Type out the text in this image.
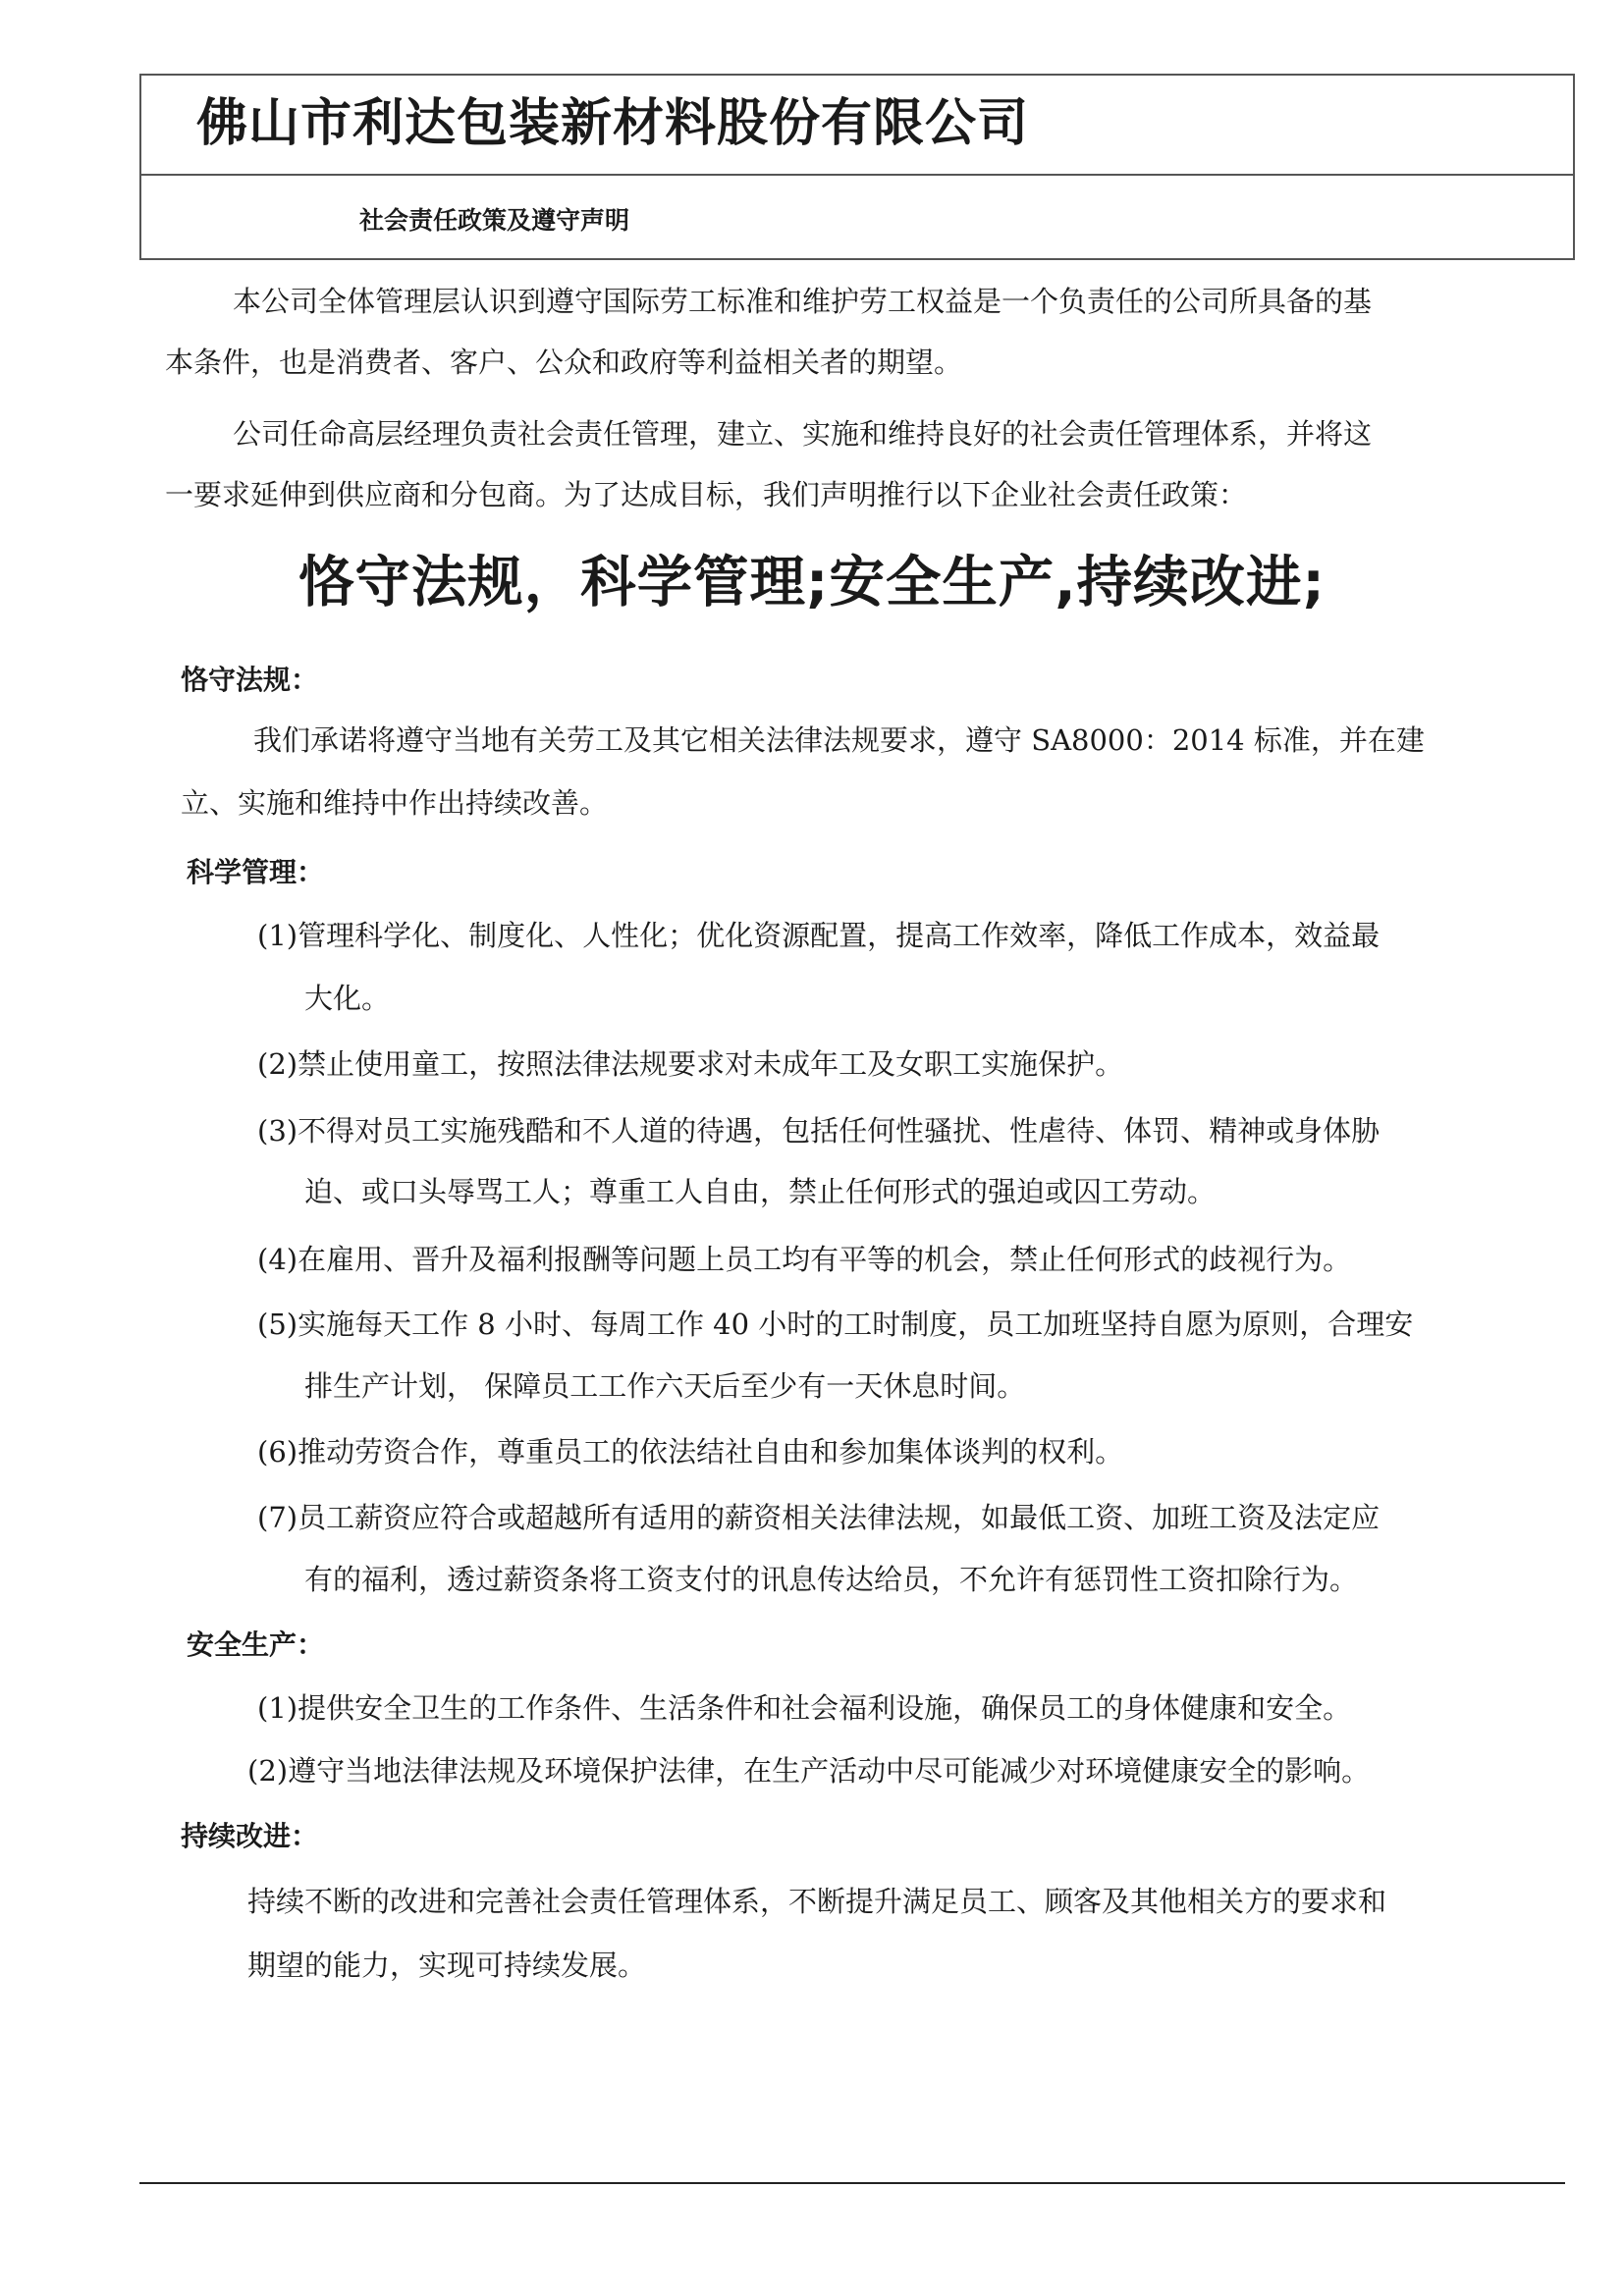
佛山市利达包装新材料股份有限公司
社会责任政策及遵守声明

本公司全体管理层认识到遵守国际劳工标准和维护劳工权益是一个负责任的公司所具备的基

本条件，也是消费者、客户、公众和政府等利益相关者的期望。

公司任命高层经理负责社会责任管理，建立、实施和维持良好的社会责任管理体系，并将这

一要求延伸到供应商和分包商。为了达成目标，我们声明推行以下企业社会责任政策：

恪守法规，科学管理;安全生产,持续改进;
恪守法规：

我们承诺将遵守当地有关劳工及其它相关法律法规要求，遵守 SA8000：2014 标准，并在建

立、实施和维持中作出持续改善。

科学管理：

(1)管理科学化、制度化、人性化；优化资源配置，提高工作效率，降低工作成本，效益最

大化。

(2)禁止使用童工，按照法律法规要求对未成年工及女职工实施保护。

(3)不得对员工实施残酷和不人道的待遇，包括任何性骚扰、性虐待、体罚、精神或身体胁

迫、或口头辱骂工人；尊重工人自由，禁止任何形式的强迫或囚工劳动。

(4)在雇用、晋升及福利报酬等问题上员工均有平等的机会，禁止任何形式的歧视行为。

(5)实施每天工作 8 小时、每周工作 40 小时的工时制度，员工加班坚持自愿为原则，合理安

排生产计划， 保障员工工作六天后至少有一天休息时间。

(6)推动劳资合作，尊重员工的依法结社自由和参加集体谈判的权利。

(7)员工薪资应符合或超越所有适用的薪资相关法律法规，如最低工资、加班工资及法定应

有的福利，透过薪资条将工资支付的讯息传达给员，不允许有惩罚性工资扣除行为。

安全生产：

(1)提供安全卫生的工作条件、生活条件和社会福利设施，确保员工的身体健康和安全。

(2)遵守当地法律法规及环境保护法律，在生产活动中尽可能减少对环境健康安全的影响。

持续改进：

持续不断的改进和完善社会责任管理体系，不断提升满足员工、顾客及其他相关方的要求和

期望的能力，实现可持续发展。
